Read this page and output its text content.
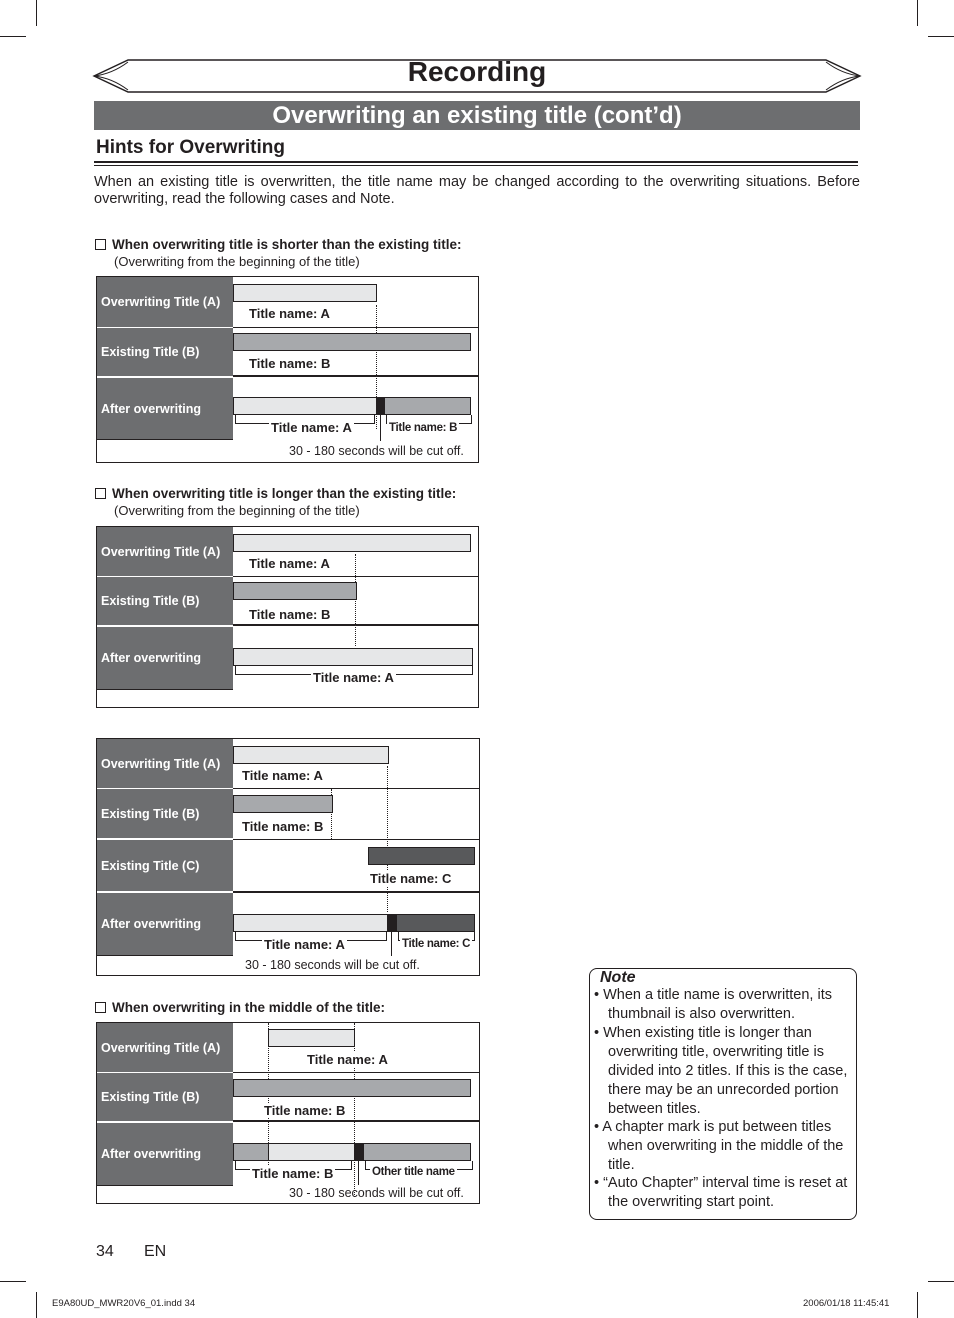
Recording
Overwriting an existing title (cont’d)
Hints for Overwriting
When an existing title is overwritten, the title name may be changed according to the overwriting situations. Before overwriting, read the following cases and Note.
When overwriting title is shorter than the existing title:
(Overwriting from the beginning of the title)
Overwriting Title (A)
Existing Title (B)
After overwriting
Title name: A
Title name: B
Title name: A	Title name: B
30 - 180 seconds will be cut off.
When overwriting title is longer than the existing title:
(Overwriting from the beginning of the title)
Overwriting Title (A)
Existing Title (B)
After overwriting
Title name: A
Title name: B
Title name: A
Overwriting Title (A)
Existing Title (B)
Existing Title (C)
After overwriting
Title name: A
Title name: B
Title name: C
Title name: A	Title name: C
30 - 180 seconds will be cut off.
When overwriting in the middle of the title:
Overwriting Title (A)
Existing Title (B)
After overwriting
Title name: A
Title name: B
Title name: B	Other title name
30 - 180 seconds will be cut off.
Note
• When a title name is overwritten, its thumbnail is also overwritten.
• When existing title is longer than overwriting title, overwriting title is divided into 2 titles. If this is the case, there may be an unrecorded portion between titles.
• A chapter mark is put between titles when overwriting in the middle of the title.
• “Auto Chapter” interval time is reset at the overwriting start point.
34 EN
E9A80UD_MWR20V6_01.indd 34	2006/01/18 11:45:41
